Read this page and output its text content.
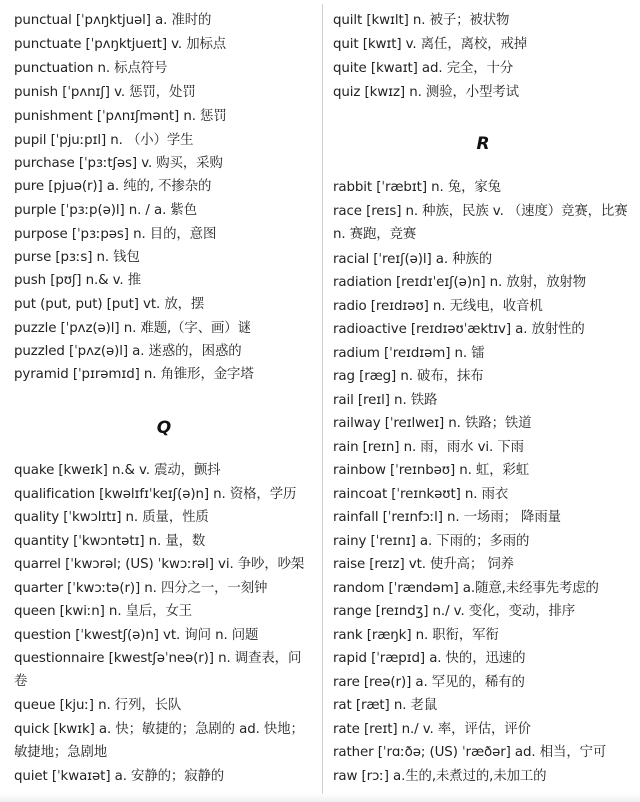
punctual [ˈpʌŋktjuəl] a. 准时的
punctuate [ˈpʌŋktjueɪt] v. 加标点
punctuation n. 标点符号
punish [ˈpʌnɪʃ] v. 惩罚，处罚
punishment [ˈpʌnɪʃmənt] n. 惩罚
pupil [ˈpjuːpɪl] n. （小）学生
purchase [ˈpɜːtʃəs] v. 购买，采购
pure [pjuə(r)] a. 纯的, 不掺杂的
purple [ˈpɜːp(ə)l] n. / a. 紫色
purpose [ˈpɜːpəs] n. 目的，意图
purse [pɜːs] n. 钱包
push [pʊʃ] n.& v. 推
put (put, put) [put] vt. 放，摆
puzzle [ˈpʌz(ə)l] n. 难题,（字、画）谜
puzzled [ˈpʌz(ə)l] a. 迷惑的，困惑的
pyramid [ˈpɪrəmɪd] n. 角锥形，金字塔
Q
quake [kweɪk] n.& v. 震动，颤抖
qualification [kwəlɪfɪˈkeɪʃ(ə)n] n. 资格，学历
quality [ˈkwɔlɪtɪ] n. 质量，性质
quantity [ˈkwɔntətɪ] n. 量，数
quarrel [ˈkwɔrəl; (US) ˈkwɔːrəl] vi. 争吵，吵架
quarter [ˈkwɔːtə(r)] n. 四分之一，一刻钟
queen [kwiːn] n. 皇后，女王
question [ˈkwestʃ(ə)n] vt. 询问 n. 问题
questionnaire [kwestʃəˈneə(r)] n. 调查表，问卷
queue [kjuː] n. 行列，长队
quick [kwɪk] a. 快；敏捷的；急剧的 ad. 快地；敏捷地；急剧地
quiet [ˈkwaɪət] a. 安静的；寂静的
quilt [kwɪlt] n. 被子；被状物
quit [kwɪt] v. 离任，离校，戒掉
quite [kwaɪt] ad. 完全，十分
quiz [kwɪz] n. 测验，小型考试
R
rabbit [ˈræbɪt] n. 兔，家兔
race [reɪs] n. 种族，民族 v. （速度）竞赛，比赛 n. 赛跑，竞赛
racial [ˈreɪʃ(ə)l] a. 种族的
radiation [reɪdɪˈeɪʃ(ə)n] n. 放射，放射物
radio [reɪdɪəʊ] n. 无线电，收音机
radioactive [reɪdɪəʊˈæktɪv] a. 放射性的
radium [ˈreɪdɪəm] n. 镭
rag [ræg] n. 破布，抹布
rail [reɪl] n. 铁路
railway [ˈreɪlweɪ] n. 铁路；铁道
rain [reɪn] n. 雨，雨水 vi. 下雨
rainbow [ˈreɪnbəʊ] n. 虹，彩虹
raincoat [ˈreɪnkəʊt] n. 雨衣
rainfall [ˈreɪnfɔːl] n. 一场雨； 降雨量
rainy [ˈreɪnɪ] a. 下雨的；多雨的
raise [reɪz] vt. 使升高； 饲养
random [ˈrændəm] a.随意,未经事先考虑的
range [reɪndʒ] n./ v. 变化，变动，排序
rank [ræŋk] n. 职衔，军衔
rapid [ˈræpɪd] a. 快的，迅速的
rare [reə(r)] a. 罕见的，稀有的
rat [ræt] n. 老鼠
rate [reɪt] n./ v. 率，评估，评价
rather [ˈrɑːðə; (US) ˈræðər] ad. 相当，宁可
raw [rɔː] a.生的,未煮过的,未加工的
